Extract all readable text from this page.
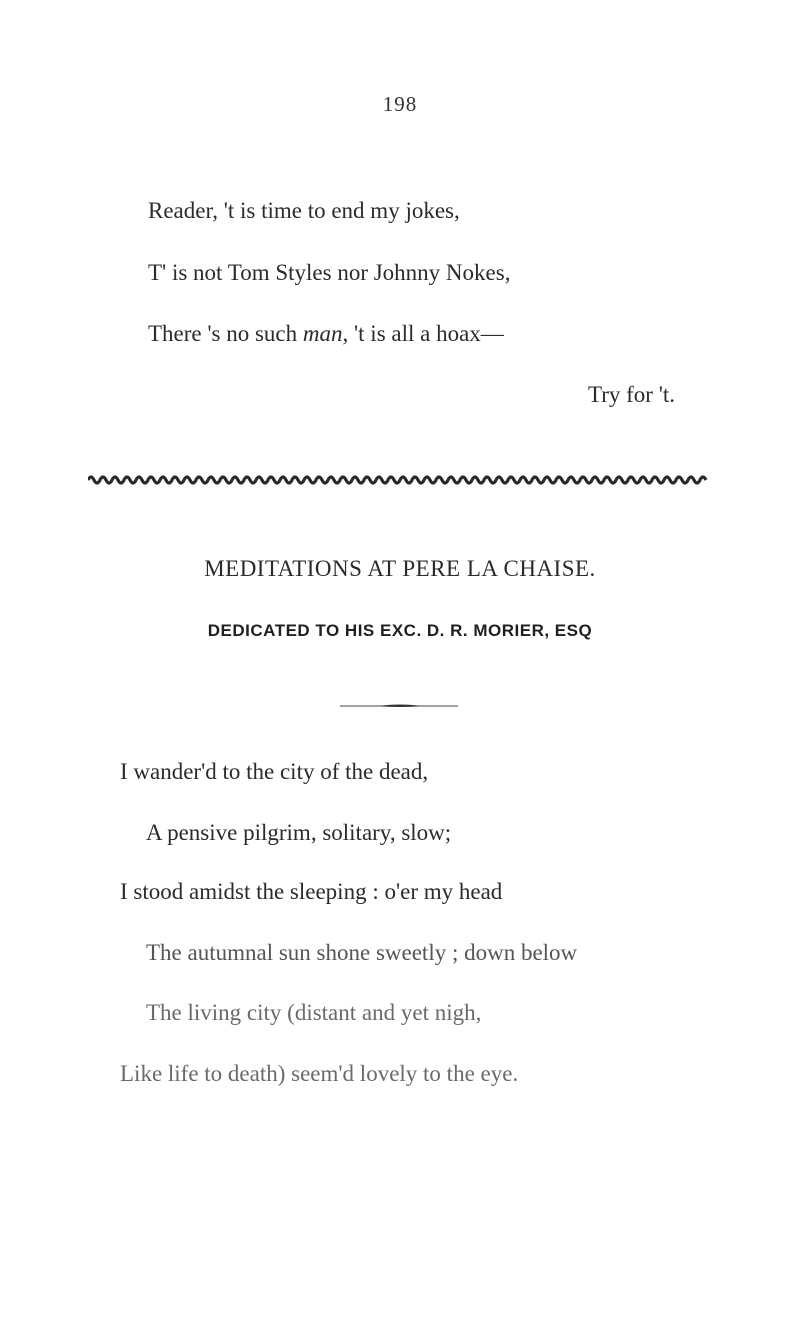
198
Reader, 't is time to end my jokes,
T' is not Tom Styles nor Johnny Nokes,
There 's no such man, 't is all a hoax—
Try for 't.
MEDITATIONS AT PERE LA CHAISE.
DEDICATED TO HIS EXC. D. R. MORIER, ESQ
I wander'd to the city of the dead,
A pensive pilgrim, solitary, slow;
I stood amidst the sleeping : o'er my head
The autumnal sun shone sweetly ; down below
The living city (distant and yet nigh,
Like life to death) seem'd lovely to the eye.
